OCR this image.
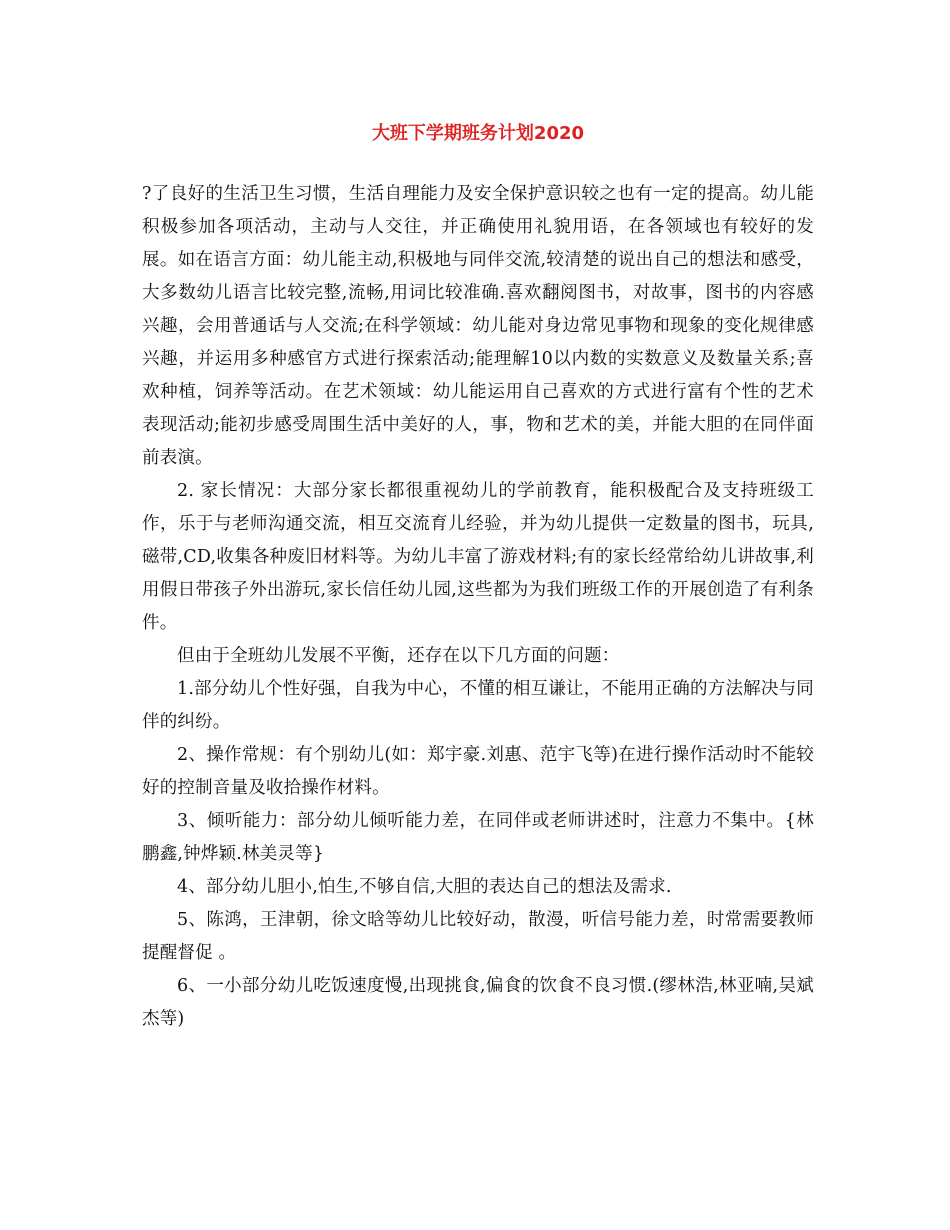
大班下学期班务计划2020

?了良好的生活卫生习惯，生活自理能力及安全保护意识较之也有一定的提高。幼儿能积极参加各项活动，主动与人交往，并正确使用礼貌用语，在各领域也有较好的发展。如在语言方面：幼儿能主动,积极地与同伴交流,较清楚的说出自己的想法和感受，大多数幼儿语言比较完整,流畅,用词比较准确.喜欢翻阅图书，对故事，图书的内容感兴趣，会用普通话与人交流;在科学领域：幼儿能对身边常见事物和现象的变化规律感兴趣，并运用多种感官方式进行探索活动;能理解10以内数的实数意义及数量关系;喜欢种植，饲养等活动。在艺术领域：幼儿能运用自己喜欢的方式进行富有个性的艺术表现活动;能初步感受周围生活中美好的人，事，物和艺术的美，并能大胆的在同伴面前表演。

2. 家长情况：大部分家长都很重视幼儿的学前教育，能积极配合及支持班级工作，乐于与老师沟通交流，相互交流育儿经验，并为幼儿提供一定数量的图书，玩具,磁带,CD,收集各种废旧材料等。为幼儿丰富了游戏材料;有的家长经常给幼儿讲故事,利用假日带孩子外出游玩,家长信任幼儿园,这些都为为我们班级工作的开展创造了有利条件。

但由于全班幼儿发展不平衡，还存在以下几方面的问题：

1.部分幼儿个性好强，自我为中心，不懂的相互谦让，不能用正确的方法解决与同伴的纠纷。

2、操作常规：有个别幼儿(如：郑宇豪.刘惠、范宇飞等)在进行操作活动时不能较好的控制音量及收拾操作材料。

3、倾听能力：部分幼儿倾听能力差，在同伴或老师讲述时，注意力不集中。{林鹏鑫,钟烨颖.林美灵等}

4、部分幼儿胆小,怕生,不够自信,大胆的表达自己的想法及需求.

5、陈鸿，王津朝，徐文晗等幼儿比较好动，散漫，听信号能力差，时常需要教师提醒督促 。

6、一小部分幼儿吃饭速度慢,出现挑食,偏食的饮食不良习惯.(缪林浩,林亚喃,吴斌杰等)
